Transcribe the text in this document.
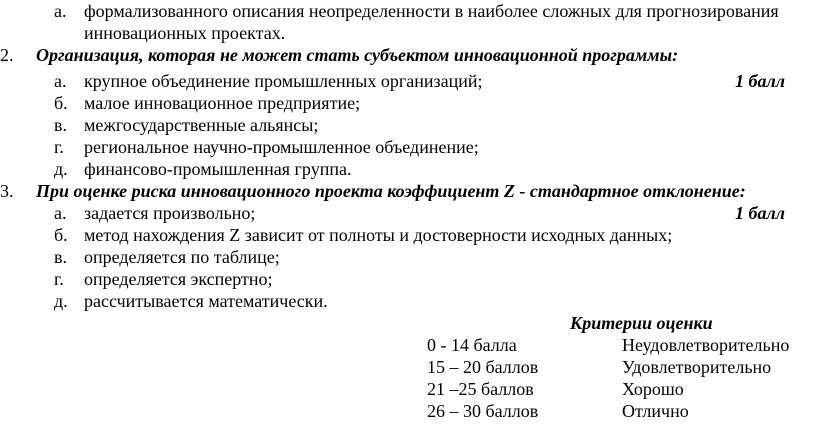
а. формализованного описания неопределенности в наиболее сложных для прогнозирования
инновационных проектах.
2. Организация, которая не может стать субъектом инновационной программы:
а. крупное объединение промышленных организаций;	1 балл
б. малое инновационное предприятие;
в. межгосударственные альянсы;
г. региональное научно-промышленное объединение;
д. финансово-промышленная группа.
3. При оценке риска инновационного проекта коэффициент Z - стандартное отклонение:
а. задается произвольно;	1 балл
б. метод нахождения Z зависит от полноты и достоверности исходных данных;
в. определяется по таблице;
г. определяется экспертно;
д. рассчитывается математически.
Критерии оценки
0 - 14 балла	Неудовлетворительно
15 – 20 баллов	Удовлетворительно
21 –25 баллов	Хорошо
26 – 30 баллов	Отлично
